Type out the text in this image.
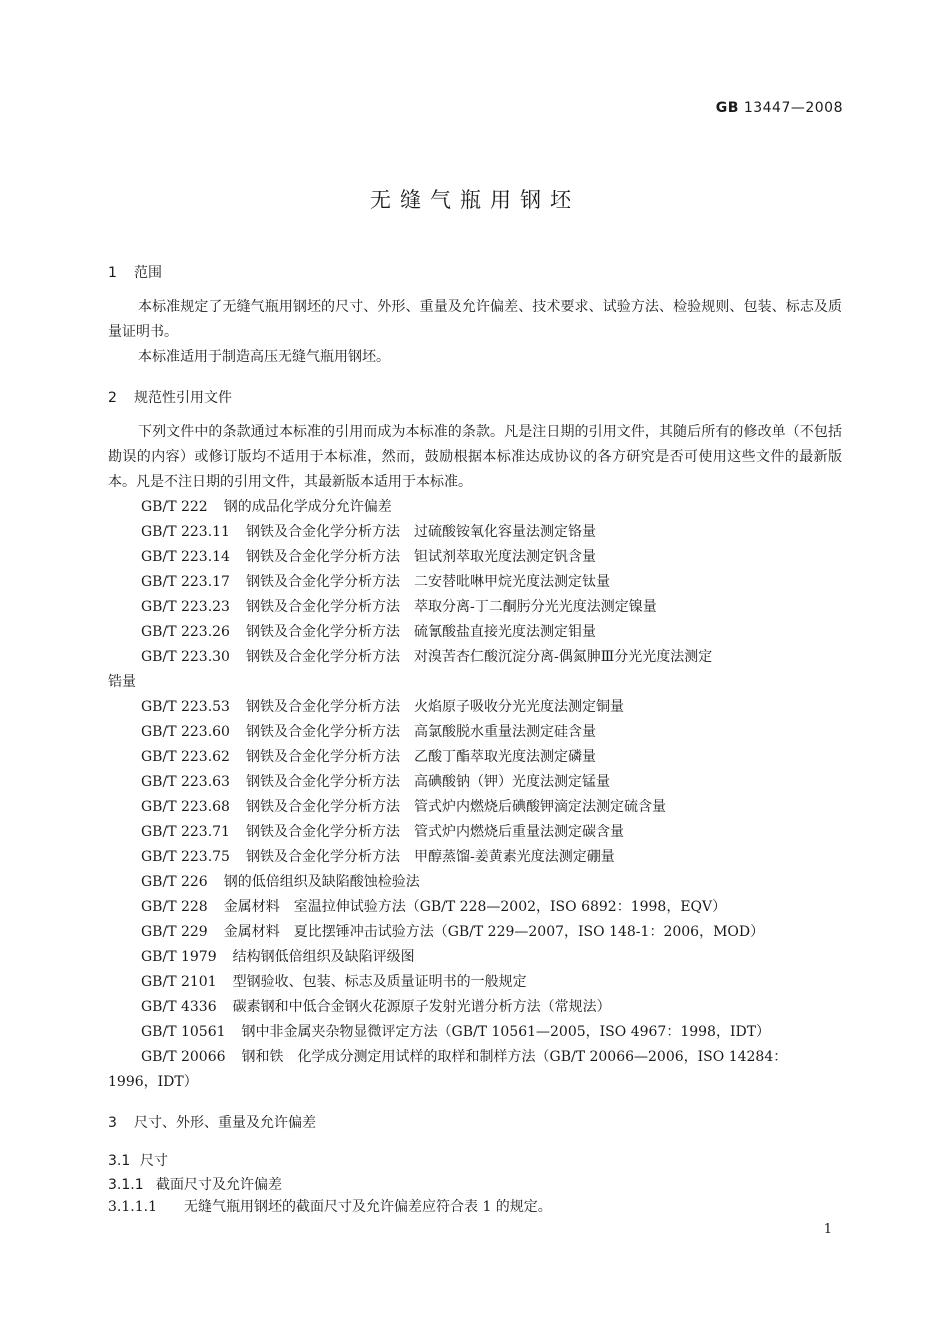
GB 13447—2008
无缝气瓶用钢坯
1 范围
本标准规定了无缝气瓶用钢坯的尺寸、外形、重量及允许偏差、技术要求、试验方法、检验规则、包装、标志及质量证明书。
本标准适用于制造高压无缝气瓶用钢坯。
2 规范性引用文件
下列文件中的条款通过本标准的引用而成为本标准的条款。凡是注日期的引用文件，其随后所有的修改单（不包括勘误的内容）或修订版均不适用于本标准，然而，鼓励根据本标准达成协议的各方研究是否可使用这些文件的最新版本。凡是不注日期的引用文件，其最新版本适用于本标准。
GB/T 222 钢的成品化学成分允许偏差
GB/T 223.11 钢铁及合金化学分析方法 过硫酸铵氧化容量法测定铬量
GB/T 223.14 钢铁及合金化学分析方法 钽试剂萃取光度法测定钒含量
GB/T 223.17 钢铁及合金化学分析方法 二安替吡啉甲烷光度法测定钛量
GB/T 223.23 钢铁及合金化学分析方法 萃取分离-丁二酮肟分光光度法测定镍量
GB/T 223.26 钢铁及合金化学分析方法 硫氰酸盐直接光度法测定钼量
GB/T 223.30 钢铁及合金化学分析方法 对溴苦杏仁酸沉淀分离-偶氮胂Ⅲ分光光度法测定
锆量
GB/T 223.53 钢铁及合金化学分析方法 火焰原子吸收分光光度法测定铜量
GB/T 223.60 钢铁及合金化学分析方法 高氯酸脱水重量法测定硅含量
GB/T 223.62 钢铁及合金化学分析方法 乙酸丁酯萃取光度法测定磷量
GB/T 223.63 钢铁及合金化学分析方法 高碘酸钠（钾）光度法测定锰量
GB/T 223.68 钢铁及合金化学分析方法 管式炉内燃烧后碘酸钾滴定法测定硫含量
GB/T 223.71 钢铁及合金化学分析方法 管式炉内燃烧后重量法测定碳含量
GB/T 223.75 钢铁及合金化学分析方法 甲醇蒸馏-姜黄素光度法测定硼量
GB/T 226 钢的低倍组织及缺陷酸蚀检验法
GB/T 228 金属材料 室温拉伸试验方法（GB/T 228—2002，ISO 6892：1998，EQV）
GB/T 229 金属材料 夏比摆锤冲击试验方法（GB/T 229—2007，ISO 148-1：2006，MOD）
GB/T 1979 结构钢低倍组织及缺陷评级图
GB/T 2101 型钢验收、包装、标志及质量证明书的一般规定
GB/T 4336 碳素钢和中低合金钢火花源原子发射光谱分析方法（常规法）
GB/T 10561 钢中非金属夹杂物显微评定方法（GB/T 10561—2005，ISO 4967：1998，IDT）
GB/T 20066 钢和铁 化学成分测定用试样的取样和制样方法（GB/T 20066—2006，ISO 14284：
1996，IDT）
3 尺寸、外形、重量及允许偏差
3.1 尺寸
3.1.1 截面尺寸及允许偏差
3.1.1.1 无缝气瓶用钢坯的截面尺寸及允许偏差应符合表 1 的规定。
1
